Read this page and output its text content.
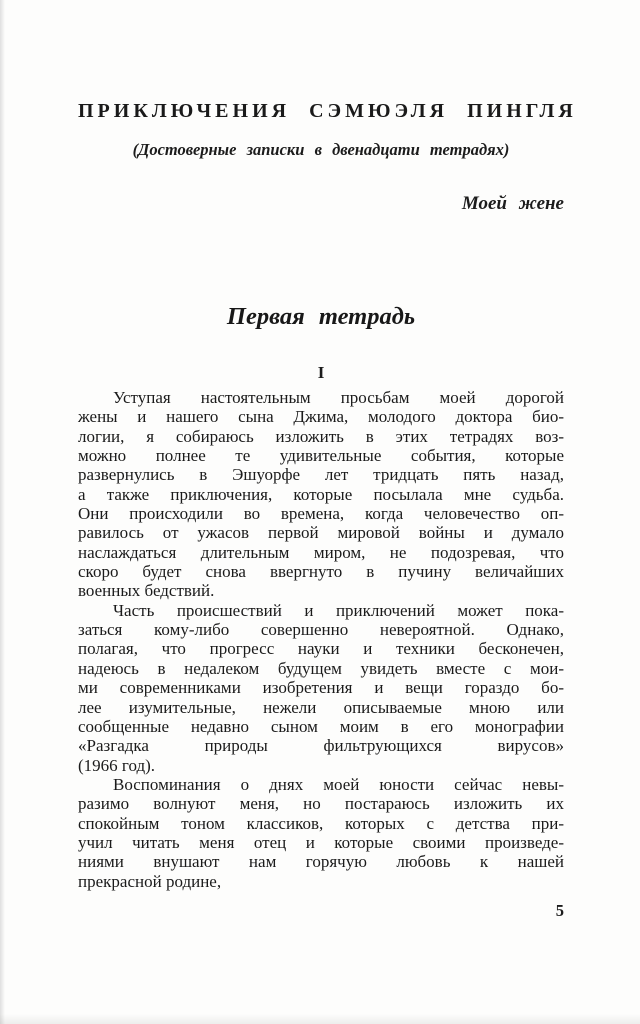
ПРИКЛЮЧЕНИЯ СЭМЮЭЛЯ ПИНГЛЯ
(Достоверные записки в двенадцати тетрадях)
Моей жене
Первая тетрадь
I
Уступая настоятельным просьбам моей дорогой
жены и нашего сына Джима, молодого доктора био-
логии, я собираюсь изложить в этих тетрадях воз-
можно полнее те удивительные события, которые
развернулись в Эшуорфе лет тридцать пять назад,
а также приключения, которые посылала мне судьба.
Они происходили во времена, когда человечество оп-
равилось от ужасов первой мировой войны и думало
наслаждаться длительным миром, не подозревая, что
скоро будет снова ввергнуто в пучину величайших
военных бедствий.
Часть происшествий и приключений может пока-
заться кому-либо совершенно невероятной. Однако,
полагая, что прогресс науки и техники бесконечен,
надеюсь в недалеком будущем увидеть вместе с мои-
ми современниками изобретения и вещи гораздо бо-
лее изумительные, нежели описываемые мною или
сообщенные недавно сыном моим в его монографии
«Разгадка природы фильтрующихся вирусов»
(1966 год).
Воспоминания о днях моей юности сейчас невы-
разимо волнуют меня, но постараюсь изложить их
спокойным тоном классиков, которых с детства при-
учил читать меня отец и которые своими произведе-
ниями внушают нам горячую любовь к нашей
прекрасной родине,
5
